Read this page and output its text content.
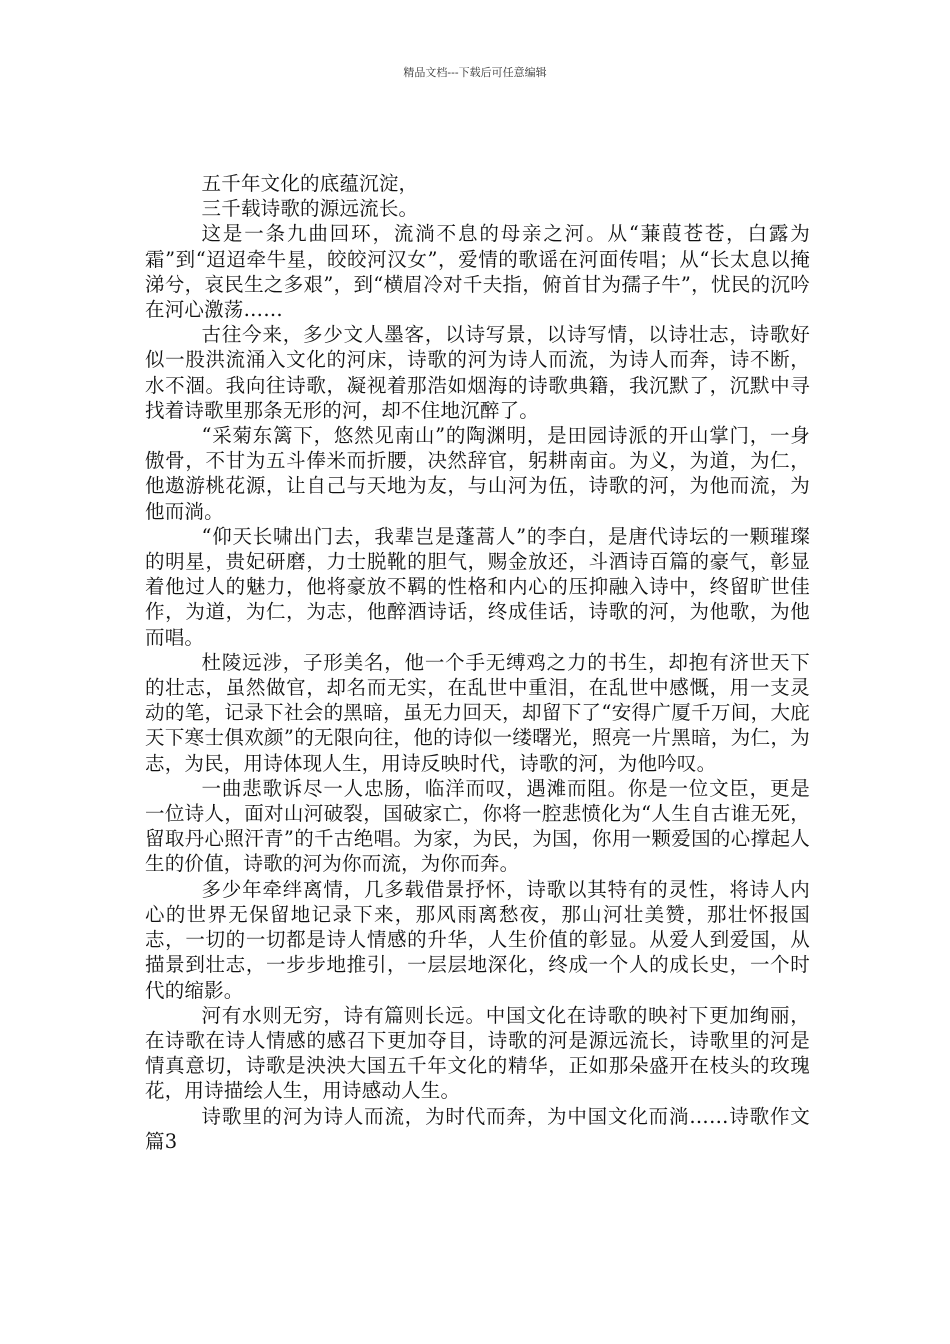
精品文档---下载后可任意编辑

五千年文化的底蕴沉淀，

三千载诗歌的源远流长。

这是一条九曲回环，流淌不息的母亲之河。从“蒹葭苍苍，白露为霜”到“迢迢牵牛星，皎皎河汉女”，爱情的歌谣在河面传唱；从“长太息以掩涕兮，哀民生之多艰”，到“横眉冷对千夫指，俯首甘为孺子牛”，忧民的沉吟在河心激荡……

古往今来，多少文人墨客，以诗写景，以诗写情，以诗壮志，诗歌好似一股洪流涌入文化的河床，诗歌的河为诗人而流，为诗人而奔，诗不断，水不涸。我向往诗歌，凝视着那浩如烟海的诗歌典籍，我沉默了，沉默中寻找着诗歌里那条无形的河，却不住地沉醉了。

“采菊东篱下，悠然见南山”的陶渊明，是田园诗派的开山掌门，一身傲骨，不甘为五斗俸米而折腰，决然辞官，躬耕南亩。为义，为道，为仁，他遨游桃花源，让自己与天地为友，与山河为伍，诗歌的河，为他而流，为他而淌。

“仰天长啸出门去，我辈岂是蓬蒿人”的李白，是唐代诗坛的一颗璀璨的明星，贵妃研磨，力士脱靴的胆气，赐金放还，斗酒诗百篇的豪气，彰显着他过人的魅力，他将豪放不羁的性格和内心的压抑融入诗中，终留旷世佳作，为道，为仁，为志，他醉酒诗话，终成佳话，诗歌的河，为他歌，为他而唱。

杜陵远涉，子形美名，他一个手无缚鸡之力的书生，却抱有济世天下的壮志，虽然做官，却名而无实，在乱世中重泪，在乱世中感慨，用一支灵动的笔，记录下社会的黑暗，虽无力回天，却留下了“安得广厦千万间，大庇天下寒士俱欢颜”的无限向往，他的诗似一缕曙光，照亮一片黑暗，为仁，为志，为民，用诗体现人生，用诗反映时代，诗歌的河，为他吟叹。

一曲悲歌诉尽一人忠肠，临洋而叹，遇滩而阻。你是一位文臣，更是一位诗人，面对山河破裂，国破家亡，你将一腔悲愤化为“人生自古谁无死，留取丹心照汗青”的千古绝唱。为家，为民，为国，你用一颗爱国的心撑起人生的价值，诗歌的河为你而流，为你而奔。

多少年牵绊离情，几多载借景抒怀，诗歌以其特有的灵性，将诗人内心的世界无保留地记录下来，那风雨离愁夜，那山河壮美赞，那壮怀报国志，一切的一切都是诗人情感的升华，人生价值的彰显。从爱人到爱国，从描景到壮志，一步步地推引，一层层地深化，终成一个人的成长史，一个时代的缩影。

河有水则无穷，诗有篇则长远。中国文化在诗歌的映衬下更加绚丽，在诗歌在诗人情感的感召下更加夺目，诗歌的河是源远流长，诗歌里的河是情真意切，诗歌是泱泱大国五千年文化的精华，正如那朵盛开在枝头的玫瑰花，用诗描绘人生，用诗感动人生。

诗歌里的河为诗人而流，为时代而奔，为中国文化而淌……诗歌作文 篇3
